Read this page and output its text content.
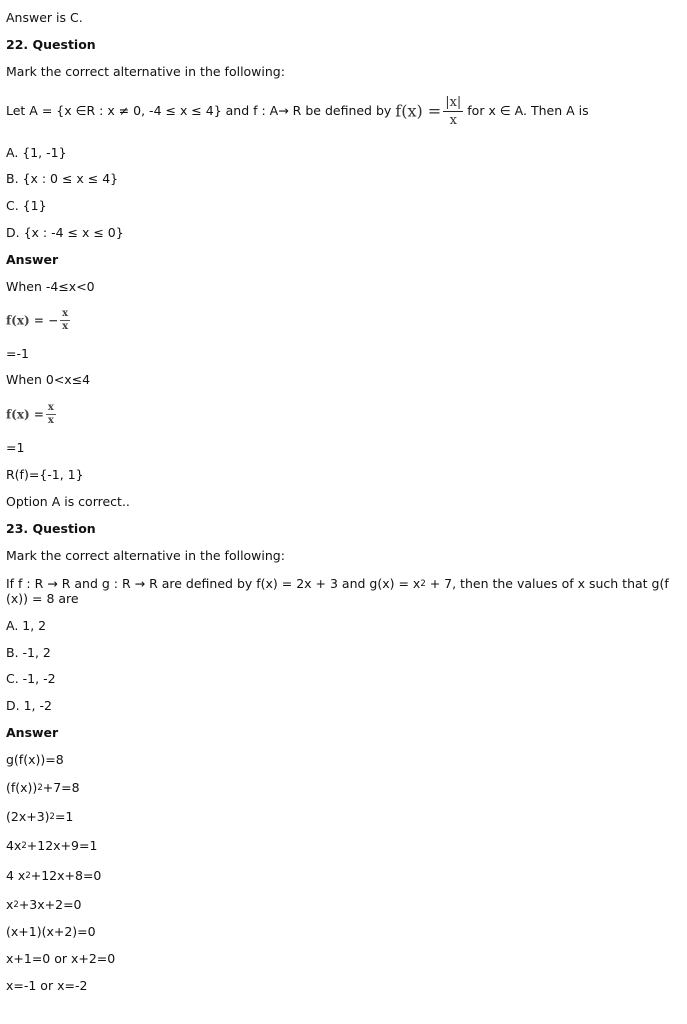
Answer is C.
22. Question
Mark the correct alternative in the following:
Let A = {x ∈R : x ≠ 0, -4 ≤ x ≤ 4} and f : A→ R be defined by $f(x) = \frac{|x|}{x}$ for x ∈ A. Then A is
A. {1, -1}
B. {x : 0 ≤ x ≤ 4}
C. {1}
D. {x : -4 ≤ x ≤ 0}
Answer
When -4≤x<0
f(x) = − $\frac{x}{x}$
=-1
When 0<x≤4
$f(x) = \frac{x}{x}$
=1
R(f)={-1, 1}
Option A is correct..
23. Question
Mark the correct alternative in the following:
If f : R → R and g : R → R are defined by f(x) = 2x + 3 and $g(x) = x^2 + 7$, then the values of x such that g(f (x)) = 8 are
A. 1, 2
B. -1, 2
C. -1, -2
D. 1, -2
Answer
g(f(x))=8
$(f(x))^2+7=8$
$(2x+3)^2=1$
$4x^2+12x+9=1$
4 $x^2+12x+8=0$
$x^2+3x+2=0$
(x+1)(x+2)=0
x+1=0 or x+2=0
x=-1 or x=-2
